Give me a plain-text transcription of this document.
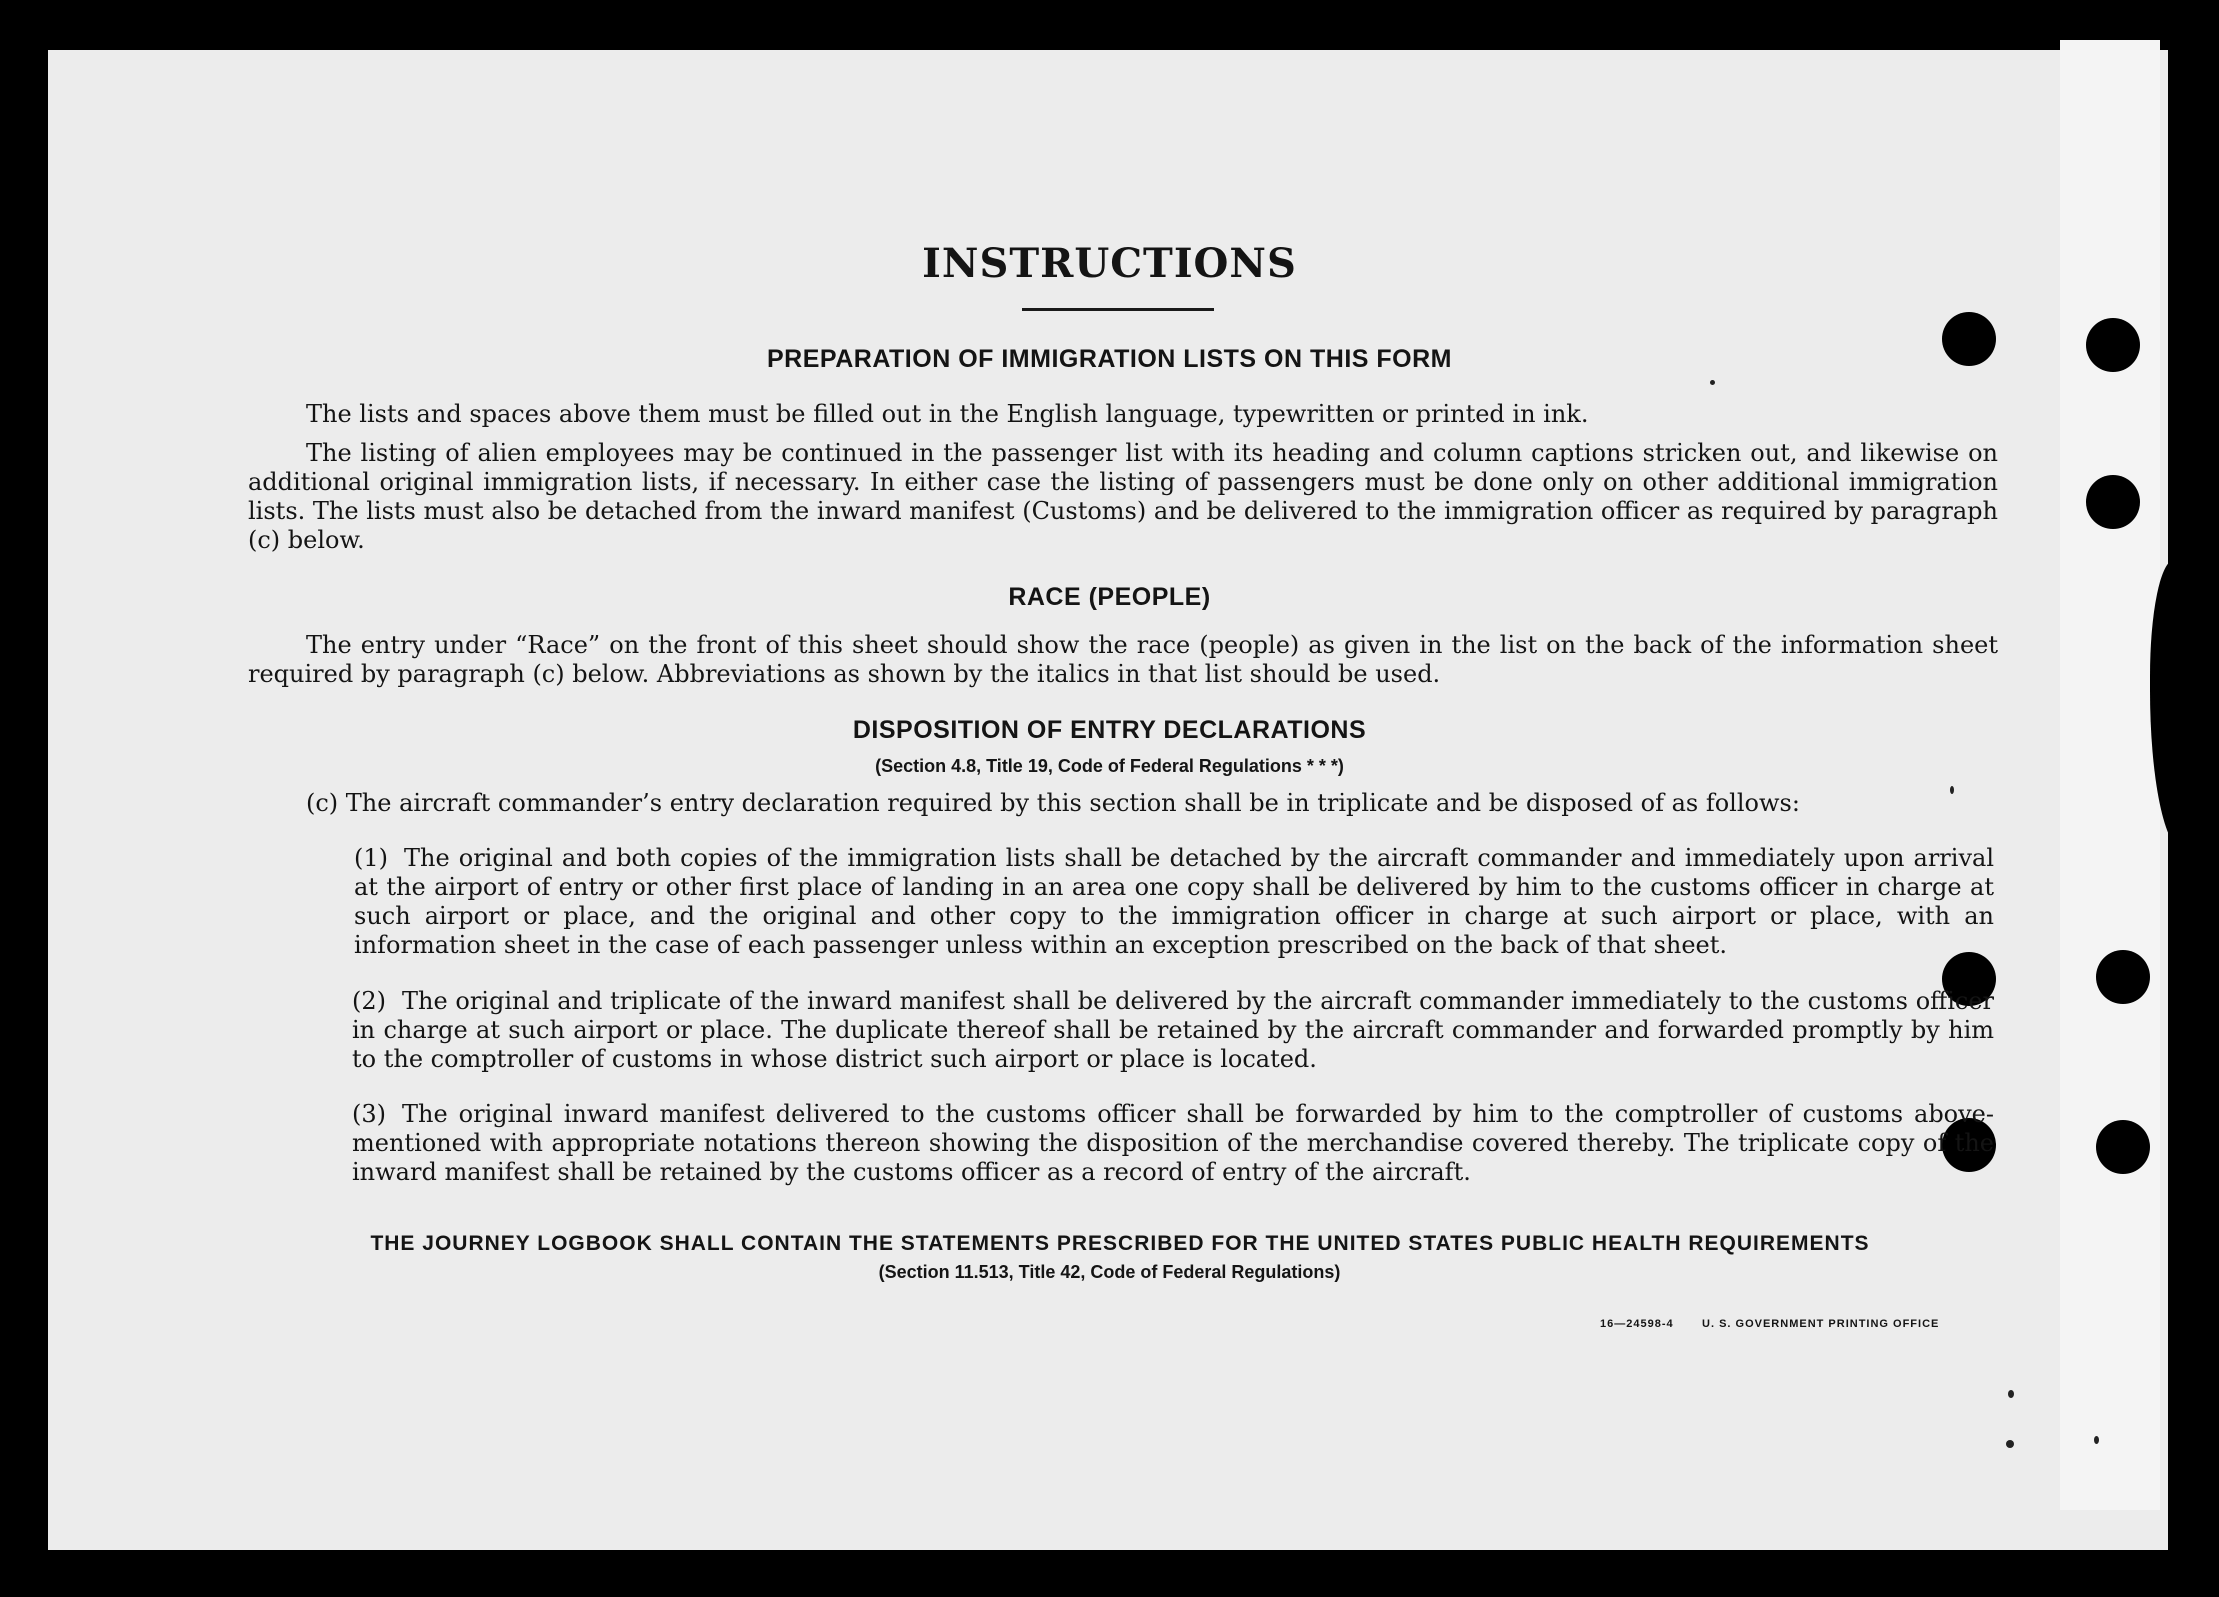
INSTRUCTIONS
PREPARATION OF IMMIGRATION LISTS ON THIS FORM
The lists and spaces above them must be filled out in the English language, typewritten or printed in ink.
The listing of alien employees may be continued in the passenger list with its heading and column captions stricken out, and likewise on additional original immigration lists, if necessary. In either case the listing of passengers must be done only on other additional immigration lists. The lists must also be detached from the inward manifest (Customs) and be delivered to the immigration officer as required by paragraph (c) below.
RACE (PEOPLE)
The entry under “Race” on the front of this sheet should show the race (people) as given in the list on the back of the information sheet required by paragraph (c) below. Abbreviations as shown by the italics in that list should be used.
DISPOSITION OF ENTRY DECLARATIONS
(Section 4.8, Title 19, Code of Federal Regulations * * *)
(c) The aircraft commander’s entry declaration required by this section shall be in triplicate and be disposed of as follows:
(1) The original and both copies of the immigration lists shall be detached by the aircraft commander and immediately upon arrival at the airport of entry or other first place of landing in an area one copy shall be delivered by him to the customs officer in charge at such airport or place, and the original and other copy to the immigration officer in charge at such airport or place, with an information sheet in the case of each passenger unless within an exception prescribed on the back of that sheet.
(2) The original and triplicate of the inward manifest shall be delivered by the aircraft commander immediately to the customs officer in charge at such airport or place. The duplicate thereof shall be retained by the aircraft commander and forwarded promptly by him to the comptroller of customs in whose district such airport or place is located.
(3) The original inward manifest delivered to the customs officer shall be forwarded by him to the comptroller of customs above-mentioned with appropriate notations thereon showing the disposition of the merchandise covered thereby. The triplicate copy of the inward manifest shall be retained by the customs officer as a record of entry of the aircraft.
THE JOURNEY LOGBOOK SHALL CONTAIN THE STATEMENTS PRESCRIBED FOR THE UNITED STATES PUBLIC HEALTH REQUIREMENTS
(Section 11.513, Title 42, Code of Federal Regulations)
16—24598-4	U. S. GOVERNMENT PRINTING OFFICE
